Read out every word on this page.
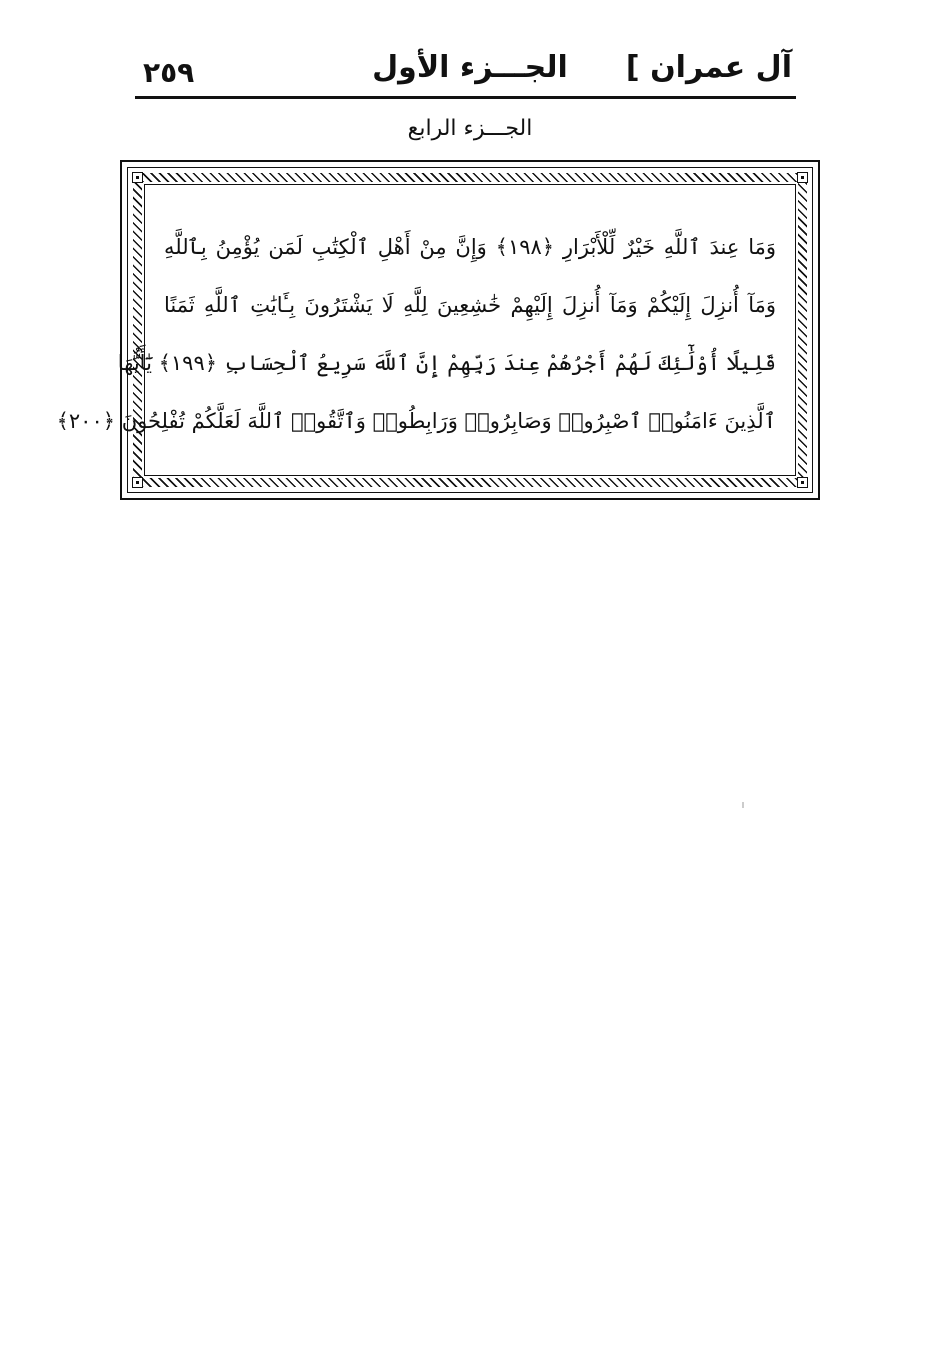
٢٥٩	الجـــزء الأول	آل عمران ]
الجـــزء الرابع
وَمَا عِندَ ٱللَّهِ خَيْرٌ لِّلْأَبْرَارِ ﴿١٩٨﴾ وَإِنَّ مِنْ أَهْلِ ٱلْكِتَٰبِ لَمَن يُؤْمِنُ بِٱللَّهِ
وَمَآ أُنزِلَ إِلَيْكُمْ وَمَآ أُنزِلَ إِلَيْهِمْ خَٰشِعِينَ لِلَّهِ لَا يَشْتَرُونَ بِـَٔايَٰتِ ٱللَّهِ ثَمَنًا
قَلِيلًا أُوْلَٰٓئِكَ لَهُمْ أَجْرُهُمْ عِندَ رَبِّهِمْ إِنَّ ٱللَّهَ سَرِيعُ ٱلْحِسَابِ ﴿١٩٩﴾ يَٰٓأَيُّهَا
ٱلَّذِينَ ءَامَنُوا۟ ٱصْبِرُوا۟ وَصَابِرُوا۟ وَرَابِطُوا۟ وَٱتَّقُوا۟ ٱللَّهَ لَعَلَّكُمْ تُفْلِحُونَ ﴿٢٠٠﴾
